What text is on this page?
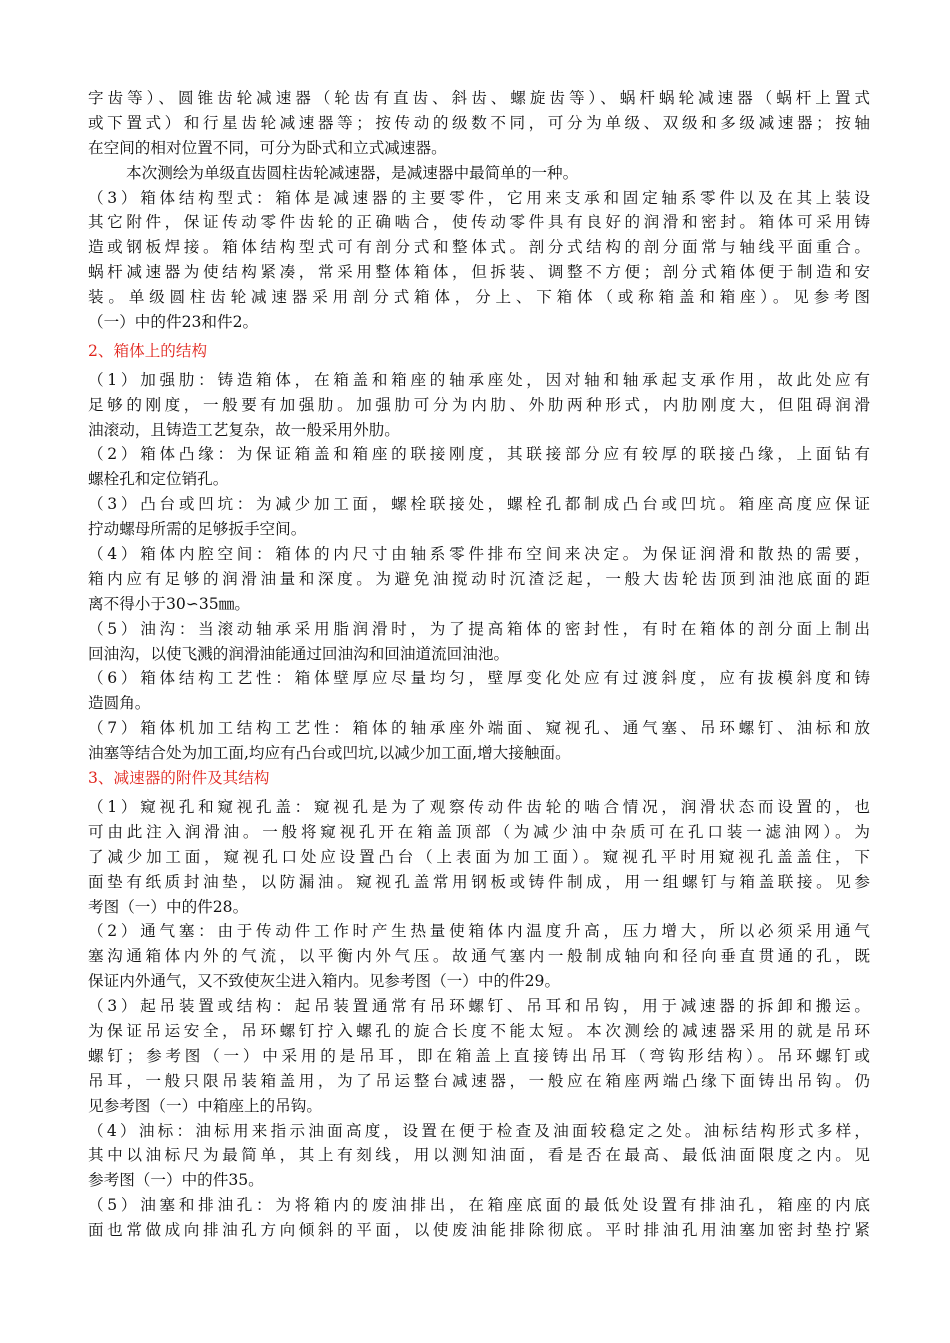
字齿等）、圆锥齿轮减速器（轮齿有直齿、斜齿、螺旋齿等）、蜗杆蜗轮减速器（蜗杆上置式
或下置式）和行星齿轮减速器等；按传动的级数不同，可分为单级、双级和多级减速器；按轴
在空间的相对位置不同，可分为卧式和立式减速器。
本次测绘为单级直齿圆柱齿轮减速器，是减速器中最简单的一种。
（3）箱体结构型式：箱体是减速器的主要零件，它用来支承和固定轴系零件以及在其上装设
其它附件，保证传动零件齿轮的正确啮合，使传动零件具有良好的润滑和密封。箱体可采用铸
造或钢板焊接。箱体结构型式可有剖分式和整体式。剖分式结构的剖分面常与轴线平面重合。
蜗杆减速器为使结构紧凑，常采用整体箱体，但拆装、调整不方便；剖分式箱体便于制造和安
装。单级圆柱齿轮减速器采用剖分式箱体，分上、下箱体（或称箱盖和箱座）。见参考图
（一）中的件23和件2。
2、箱体上的结构
（1）加强肋：铸造箱体，在箱盖和箱座的轴承座处，因对轴和轴承起支承作用，故此处应有
足够的刚度，一般要有加强肋。加强肋可分为内肋、外肋两种形式，内肋刚度大，但阻碍润滑
油滚动，且铸造工艺复杂，故一般采用外肋。
（2）箱体凸缘：为保证箱盖和箱座的联接刚度，其联接部分应有较厚的联接凸缘，上面钻有
螺栓孔和定位销孔。
（3）凸台或凹坑：为减少加工面，螺栓联接处，螺栓孔都制成凸台或凹坑。箱座高度应保证
拧动螺母所需的足够扳手空间。
（4）箱体内腔空间：箱体的内尺寸由轴系零件排布空间来决定。为保证润滑和散热的需要，
箱内应有足够的润滑油量和深度。为避免油搅动时沉渣泛起，一般大齿轮齿顶到油池底面的距
离不得小于30∽35㎜。
（5）油沟：当滚动轴承采用脂润滑时，为了提高箱体的密封性，有时在箱体的剖分面上制出
回油沟，以使飞溅的润滑油能通过回油沟和回油道流回油池。
（6）箱体结构工艺性：箱体壁厚应尽量均匀，壁厚变化处应有过渡斜度，应有拔模斜度和铸
造圆角。
（7）箱体机加工结构工艺性：箱体的轴承座外端面、窥视孔、通气塞、吊环螺钉、油标和放
油塞等结合处为加工面,均应有凸台或凹坑,以减少加工面,增大接触面。
3、减速器的附件及其结构
（1）窥视孔和窥视孔盖：窥视孔是为了观察传动件齿轮的啮合情况，润滑状态而设置的，也
可由此注入润滑油。一般将窥视孔开在箱盖顶部（为减少油中杂质可在孔口装一滤油网）。为
了减少加工面，窥视孔口处应设置凸台（上表面为加工面）。窥视孔平时用窥视孔盖盖住，下
面垫有纸质封油垫，以防漏油。窥视孔盖常用钢板或铸件制成，用一组螺钉与箱盖联接。见参
考图（一）中的件28。
（2）通气塞：由于传动件工作时产生热量使箱体内温度升高，压力增大，所以必须采用通气
塞沟通箱体内外的气流，以平衡内外气压。故通气塞内一般制成轴向和径向垂直贯通的孔，既
保证内外通气，又不致使灰尘进入箱内。见参考图（一）中的件29。
（3）起吊装置或结构：起吊装置通常有吊环螺钉、吊耳和吊钩，用于减速器的拆卸和搬运。
为保证吊运安全，吊环螺钉拧入螺孔的旋合长度不能太短。本次测绘的减速器采用的就是吊环
螺钉；参考图（一）中采用的是吊耳，即在箱盖上直接铸出吊耳（弯钩形结构）。吊环螺钉或
吊耳，一般只限吊装箱盖用，为了吊运整台减速器，一般应在箱座两端凸缘下面铸出吊钩。仍
见参考图（一）中箱座上的吊钩。
（4）油标：油标用来指示油面高度，设置在便于检查及油面较稳定之处。油标结构形式多样，
其中以油标尺为最简单，其上有刻线，用以测知油面，看是否在最高、最低油面限度之内。见
参考图（一）中的件35。
（5）油塞和排油孔：为将箱内的废油排出，在箱座底面的最低处设置有排油孔，箱座的内底
面也常做成向排油孔方向倾斜的平面，以使废油能排除彻底。平时排油孔用油塞加密封垫拧紧
